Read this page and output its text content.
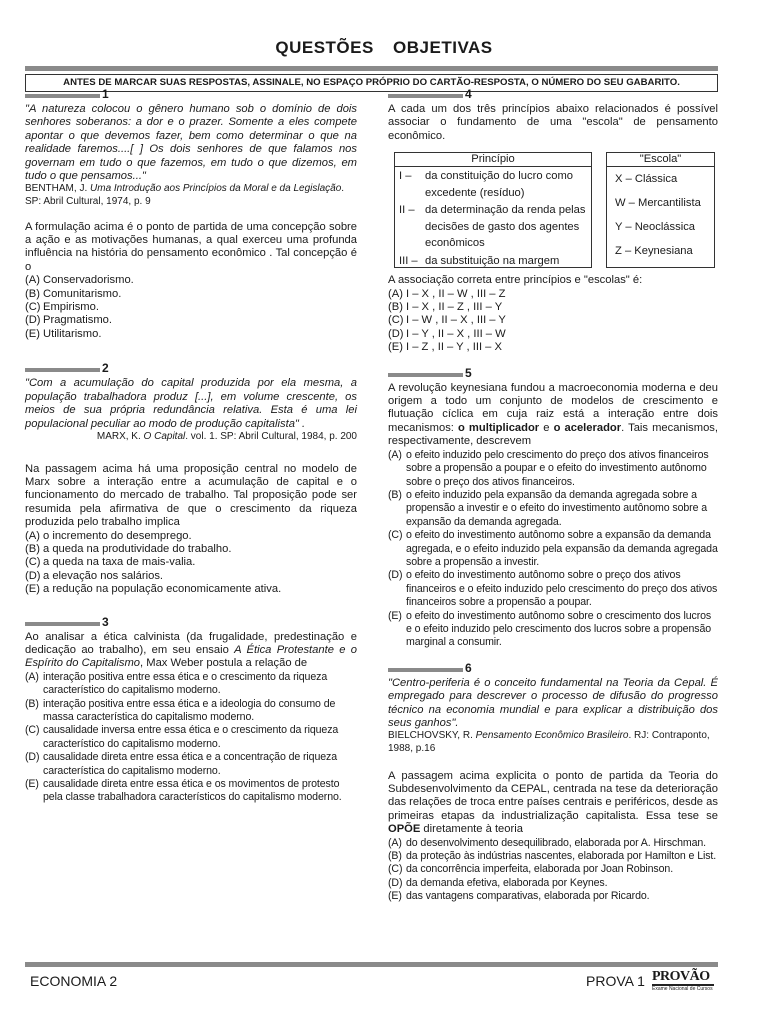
QUESTÕES OBJETIVAS
ANTES DE MARCAR SUAS RESPOSTAS, ASSINALE, NO ESPAÇO PRÓPRIO DO CARTÃO-RESPOSTA, O NÚMERO DO SEU GABARITO.
1

"A natureza colocou o gênero humano sob o domínio de dois senhores soberanos: a dor e o prazer. Somente a eles compete apontar o que devemos fazer, bem como determinar o que na realidade faremos....[ ] Os dois senhores de que falamos nos governam em tudo o que fazemos, em tudo o que dizemos, em tudo o que pensamos..."

BENTHAM, J. Uma Introdução aos Princípios da Moral e da Legislação. SP: Abril Cultural, 1974, p. 9

A formulação acima é o ponto de partida de uma concepção sobre a ação e as motivações humanas, a qual exerceu uma profunda influência na história do pensamento econômico . Tal concepção é o

(A) Conservadorismo.
(B) Comunitarismo.
(C) Empirismo.
(D) Pragmatismo.
(E) Utilitarismo.
2

"Com a acumulação do capital produzida por ela mesma, a população trabalhadora produz [...], em volume crescente, os meios de sua própria redundância relativa. Esta é uma lei populacional peculiar ao modo de produção capitalista" .

MARX, K. O Capital. vol. 1. SP: Abril Cultural, 1984, p. 200

Na passagem acima há uma proposição central no modelo de Marx sobre a interação entre a acumulação de capital e o funcionamento do mercado de trabalho. Tal proposição pode ser resumida pela afirmativa de que o crescimento da riqueza produzida pelo trabalho implica

(A) o incremento do desemprego.
(B) a queda na produtividade do trabalho.
(C) a queda na taxa de mais-valia.
(D) a elevação nos salários.
(E) a redução na população economicamente ativa.
3

Ao analisar a ética calvinista (da frugalidade, predestinação e dedicação ao trabalho), em seu ensaio A Ética Protestante e o Espírito do Capitalismo, Max Weber postula a relação de

(A) interação positiva entre essa ética e o crescimento da riqueza característico do capitalismo moderno.
(B) interação positiva entre essa ética e a ideologia do consumo de massa característica do capitalismo moderno.
(C) causalidade inversa entre essa ética e o crescimento da riqueza característico do capitalismo moderno.
(D) causalidade direta entre essa ética e a concentração de riqueza característica do capitalismo moderno.
(E) causalidade direta entre essa ética e os movimentos de protesto pela classe trabalhadora característicos do capitalismo moderno.
4

A cada um dos três princípios abaixo relacionados é possível associar o fundamento de uma "escola" de pensamento econômico.

Princípio
I – da constituição do lucro como excedente (resíduo)
II – da determinação da renda pelas decisões de gasto dos agentes econômicos
III – da substituição na margem
"Escola"
X – Clássica
W – Mercantilista
Y – Neoclássica
Z – Keynesiana

A associação correta entre princípios e "escolas" é:

(A) I – X , II – W , III – Z
(B) I – X , II – Z , III – Y
(C) I – W , II – X , III – Y
(D) I – Y , II – X , III – W
(E) I – Z , II – Y , III – X
5

A revolução keynesiana fundou a macroeconomia moderna e deu origem a todo um conjunto de modelos de crescimento e flutuação cíclica em cuja raiz está a interação entre dois mecanismos: o multiplicador e o acelerador. Tais mecanismos, respectivamente, descrevem

(A) o efeito induzido pelo crescimento do preço dos ativos financeiros sobre a propensão a poupar e o efeito do investimento autônomo sobre o preço dos ativos financeiros.
(B) o efeito induzido pela expansão da demanda agregada sobre a propensão a investir e o efeito do investimento autônomo sobre a expansão da demanda agregada.
(C) o efeito do investimento autônomo sobre a expansão da demanda agregada, e o efeito induzido pela expansão da demanda agregada sobre a propensão a investir.
(D) o efeito do investimento autônomo sobre o preço dos ativos financeiros e o efeito induzido pelo crescimento do preço dos ativos financeiros sobre a propensão a poupar.
(E) o efeito do investimento autônomo sobre o crescimento dos lucros e o efeito induzido pelo crescimento dos lucros sobre a propensão marginal a consumir.
6

"Centro-periferia é o conceito fundamental na Teoria da Cepal. É empregado para descrever o processo de difusão do progresso técnico na economia mundial e para explicar a distribuição dos seus ganhos".

BIELCHOVSKY, R. Pensamento Econômico Brasileiro. RJ: Contraponto, 1988, p.16

A passagem acima explicita o ponto de partida da Teoria do Subdesenvolvimento da CEPAL, centrada na tese da deterioração das relações de troca entre países centrais e periféricos, desde as primeiras etapas da industrialização capitalista. Essa tese se OPÕE diretamente à teoria

(A) do desenvolvimento desequilibrado, elaborada por A. Hirschman.
(B) da proteção às indústrias nascentes, elaborada por Hamilton e List.
(C) da concorrência imperfeita, elaborada por Joan Robinson.
(D) da demanda efetiva, elaborada por Keynes.
(E) das vantagens comparativas, elaborada por Ricardo.
ECONOMIA 2	PROVA 1 PROVÃO
Exame Nacional de Cursos
